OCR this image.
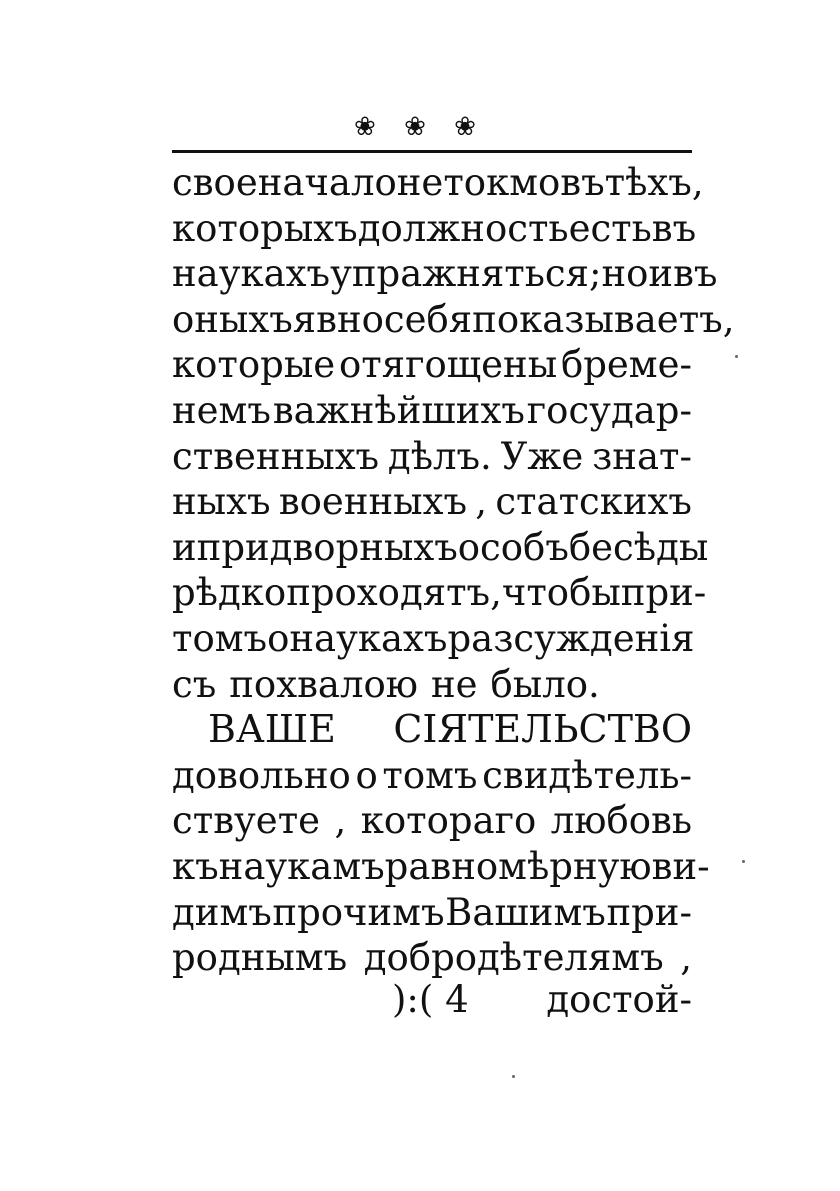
❀ ❀ ❀
свое начало нетокмо въ тѣхъ,
которыхъ должность есть въ
наукахъ упражняться ; но и въ
оныхъ явно себя показываетъ,
которые отягощены бреме-
немъ важнѣйшихъ государ-
ственныхъ дѣлъ. Уже знат-
ныхъ военныхъ , статскихъ
и придворныхъ особъ бесѣды
рѣдко проходятъ, чтобы при-
томъ о наукахъ разсужденія
съ похвалою не было.
ВАШЕ СІЯТЕЛЬСТВО
довольно о томъ свидѣтель-
ствуете , котораго любовь
къ наукамъ равномѣрную ви-
димъ прочимъ Вашимъ при-
роднымъ добродѣтелямъ ,
):( 4 достой-
